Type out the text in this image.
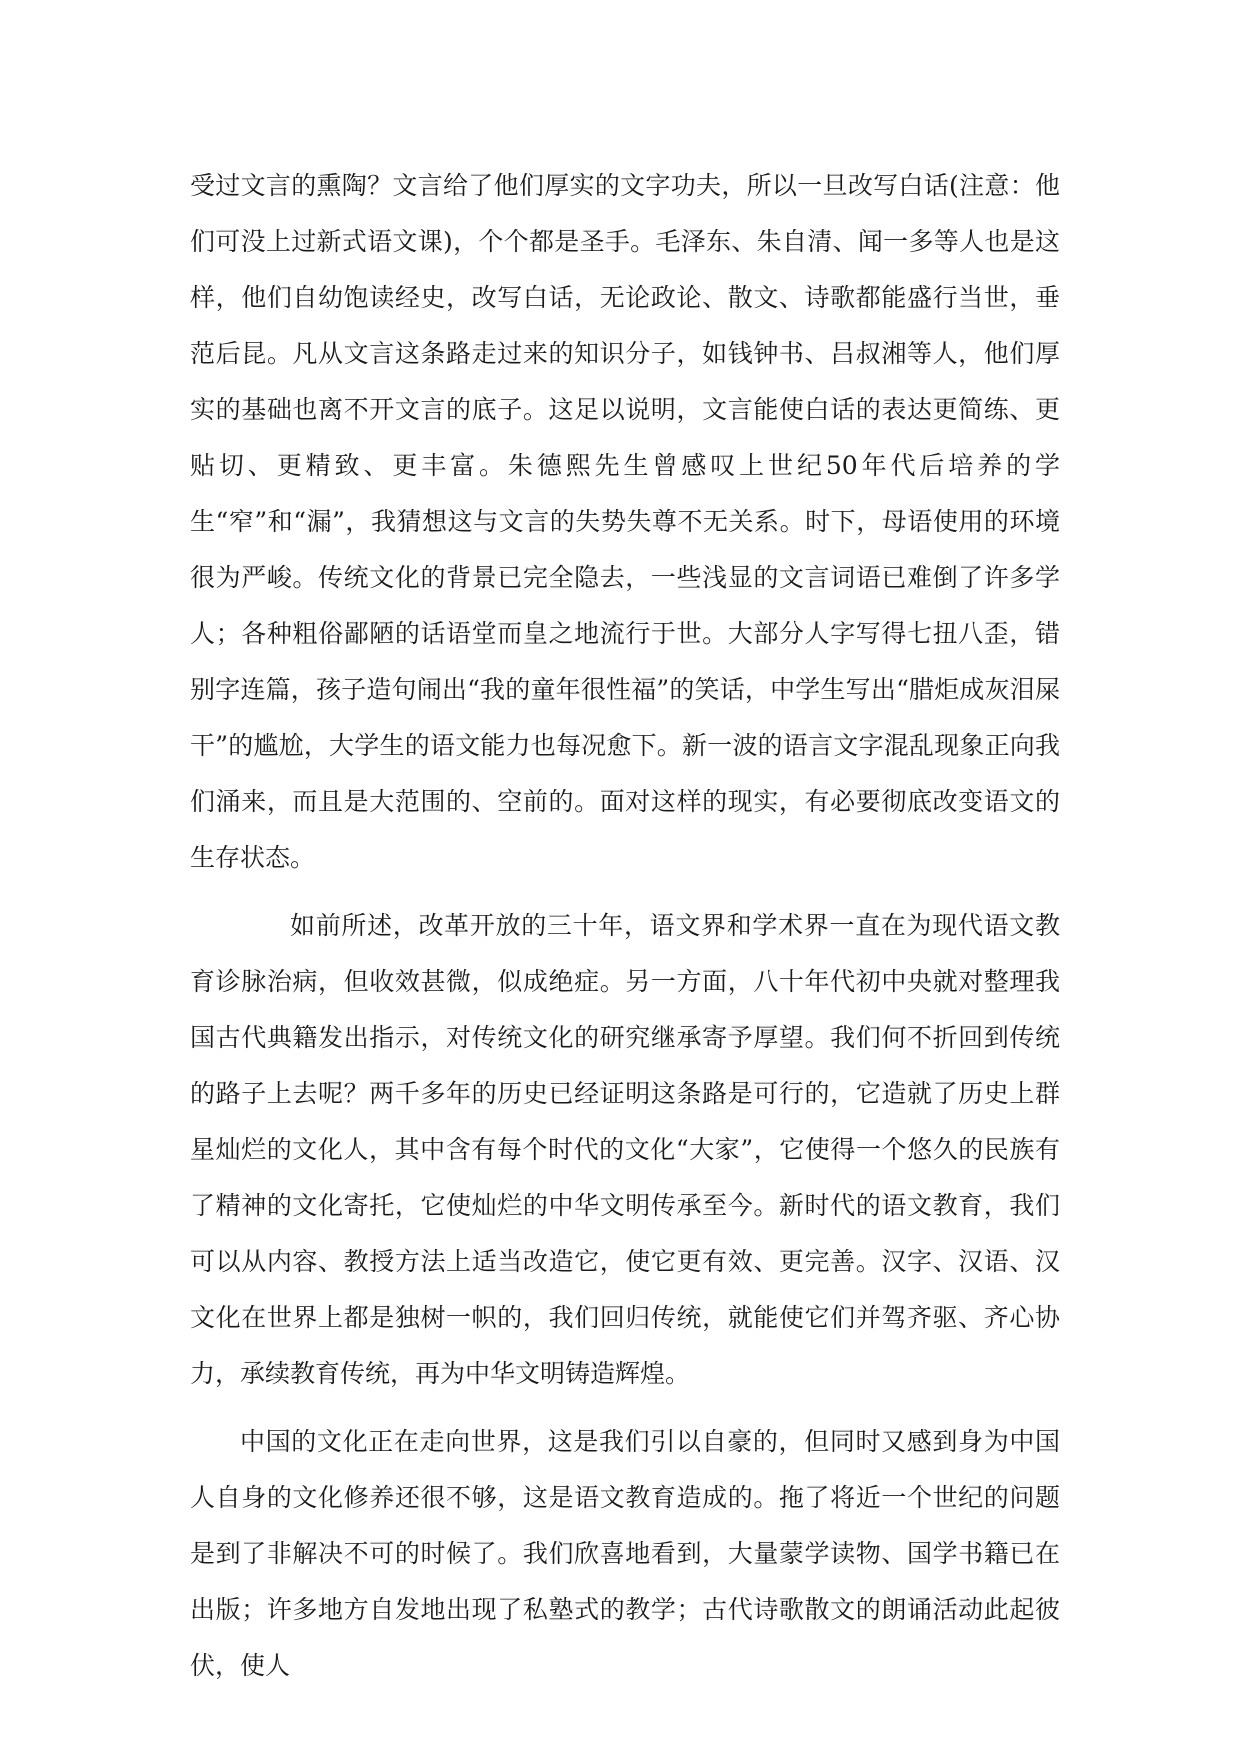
受过文言的熏陶？文言给了他们厚实的文字功夫，所以一旦改写白话(注意：他们可没上过新式语文课)，个个都是圣手。毛泽东、朱自清、闻一多等人也是这样，他们自幼饱读经史，改写白话，无论政论、散文、诗歌都能盛行当世，垂范后昆。凡从文言这条路走过来的知识分子，如钱钟书、吕叔湘等人，他们厚实的基础也离不开文言的底子。这足以说明，文言能使白话的表达更简练、更贴切、更精致、更丰富。朱德熙先生曾感叹上世纪50年代后培养的学生“窄”和“漏”，我猜想这与文言的失势失尊不无关系。时下，母语使用的环境很为严峻。传统文化的背景已完全隐去，一些浅显的文言词语已难倒了许多学人；各种粗俗鄙陋的话语堂而皇之地流行于世。大部分人字写得七扭八歪，错别字连篇，孩子造句闹出“我的童年很性福”的笑话，中学生写出“腊炬成灰泪屎干”的尴尬，大学生的语文能力也每况愈下。新一波的语言文字混乱现象正向我们涌来，而且是大范围的、空前的。面对这样的现实，有必要彻底改变语文的生存状态。

如前所述，改革开放的三十年，语文界和学术界一直在为现代语文教育诊脉治病，但收效甚微，似成绝症。另一方面，八十年代初中央就对整理我国古代典籍发出指示，对传统文化的研究继承寄予厚望。我们何不折回到传统的路子上去呢？两千多年的历史已经证明这条路是可行的，它造就了历史上群星灿烂的文化人，其中含有每个时代的文化“大家”，它使得一个悠久的民族有了精神的文化寄托，它使灿烂的中华文明传承至今。新时代的语文教育，我们可以从内容、教授方法上适当改造它，使它更有效、更完善。汉字、汉语、汉文化在世界上都是独树一帜的，我们回归传统，就能使它们并驾齐驱、齐心协力，承续教育传统，再为中华文明铸造辉煌。

中国的文化正在走向世界，这是我们引以自豪的，但同时又感到身为中国人自身的文化修养还很不够，这是语文教育造成的。拖了将近一个世纪的问题是到了非解决不可的时候了。我们欣喜地看到，大量蒙学读物、国学书籍已在出版；许多地方自发地出现了私塾式的教学；古代诗歌散文的朗诵活动此起彼伏，使人
